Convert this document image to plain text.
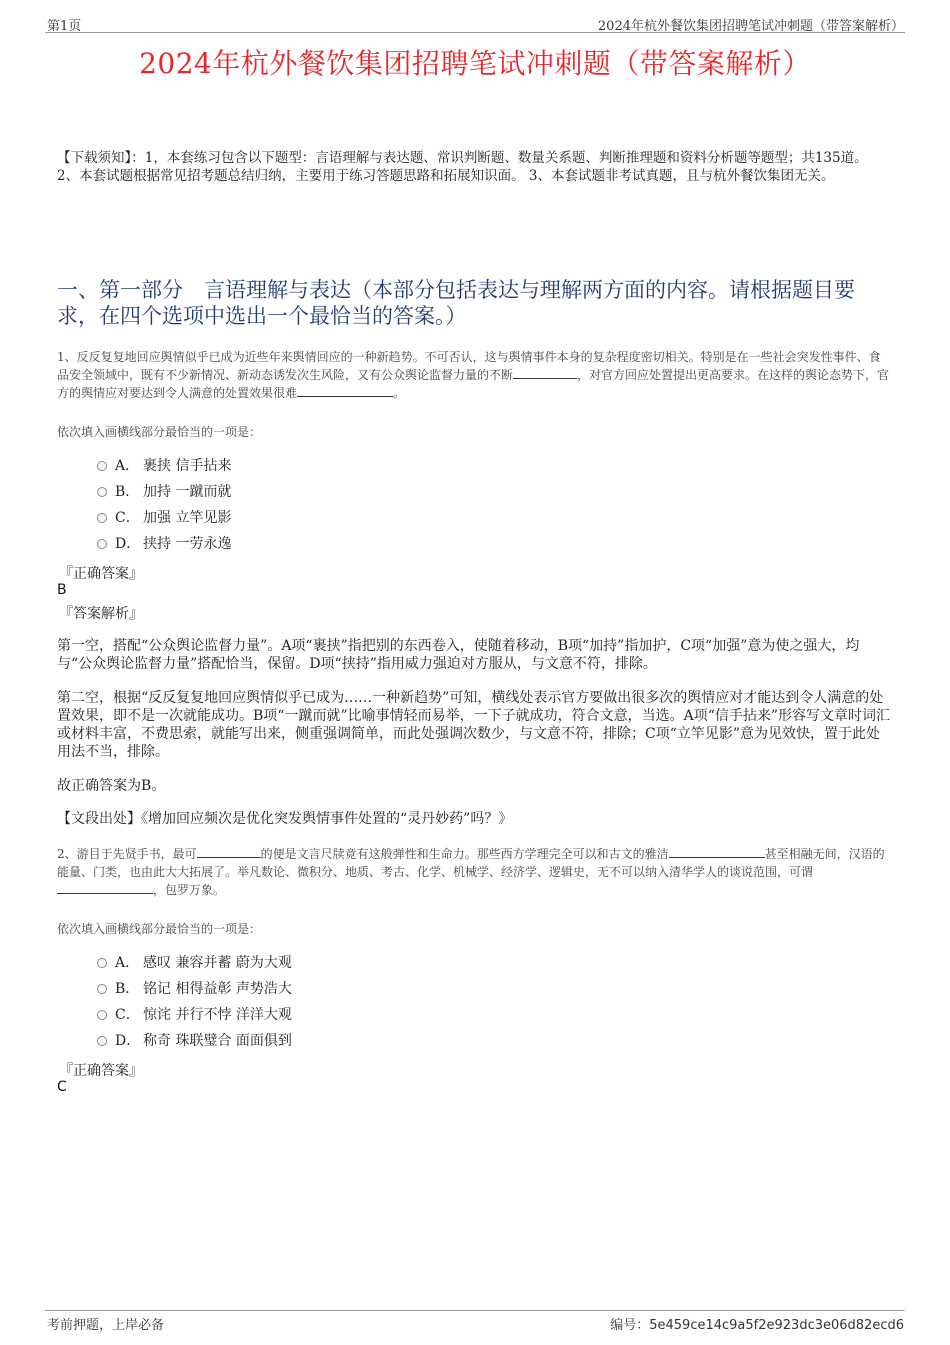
第1页	2024年杭外餐饮集团招聘笔试冲刺题（带答案解析）
2024年杭外餐饮集团招聘笔试冲刺题（带答案解析）
【下载须知】：1，本套练习包含以下题型：言语理解与表达题、常识判断题、数量关系题、判断推理题和资料分析题等题型；共135道。 2、本套试题根据常见招考题总结归纳，主要用于练习答题思路和拓展知识面。 3、本套试题非考试真题，且与杭外餐饮集团无关。
一、第一部分　言语理解与表达（本部分包括表达与理解两方面的内容。请根据题目要求，在四个选项中选出一个最恰当的答案。）
1、反反复复地回应舆情似乎已成为近些年来舆情回应的一种新趋势。不可否认，这与舆情事件本身的复杂程度密切相关。特别是在一些社会突发性事件、食品安全领域中，既有不少新情况、新动态诱发次生风险，又有公众舆论监督力量的不断	，对官方回应处置提出更高要求。在这样的舆论态势下，官方的舆情应对要达到令人满意的处置效果很难	。
依次填入画横线部分最恰当的一项是：
A． 裹挟 信手拈来
B． 加持 一蹴而就
C． 加强 立竿见影
D． 挟持 一劳永逸
『正确答案』
B
『答案解析』
第一空，搭配“公众舆论监督力量”。A项“裹挟”指把别的东西卷入，使随着移动，B项“加持”指加护，C项“加强”意为使之强大，均与“公众舆论监督力量”搭配恰当，保留。D项“挟持”指用威力强迫对方服从，与文意不符，排除。
第二空，根据“反反复复地回应舆情似乎已成为……一种新趋势”可知，横线处表示官方要做出很多次的舆情应对才能达到令人满意的处置效果，即不是一次就能成功。B项“一蹴而就”比喻事情轻而易举，一下子就成功，符合文意，当选。A项“信手拈来”形容写文章时词汇或材料丰富，不费思索，就能写出来，侧重强调简单，而此处强调次数少，与文意不符，排除；C项“立竿见影”意为见效快，置于此处用法不当，排除。
故正确答案为B。
【文段出处】《增加回应频次是优化突发舆情事件处置的“灵丹妙药”吗？》
2、游目于先贤手书，最可	的便是文言尺牍竟有这般弹性和生命力。那些西方学理完全可以和古文的雅洁	甚至相融无间，汉语的能量、门类，也由此大大拓展了。举凡数论、微积分、地质、考古、化学、机械学、经济学、逻辑史，无不可以纳入清华学人的谈说范围，可谓，包罗万象。
依次填入画横线部分最恰当的一项是：
A． 感叹 兼容并蓄 蔚为大观
B． 铭记 相得益彰 声势浩大
C． 惊诧 并行不悖 洋洋大观
D． 称奇 珠联璧合 面面俱到
『正确答案』
C
考前押题，上岸必备	编号：5e459ce14c9a5f2e923dc3e06d82ecd6
